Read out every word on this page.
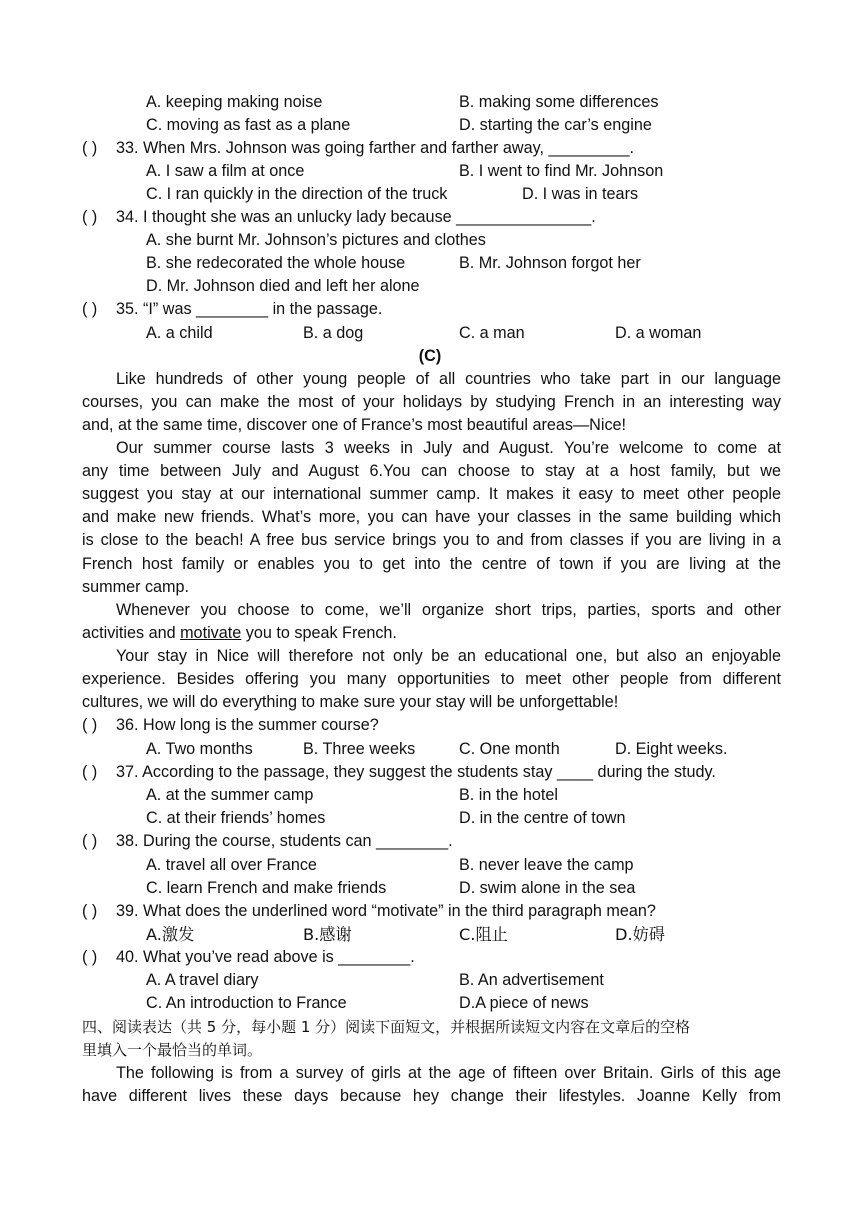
A. keeping making noise	B. making some differences
C. moving as fast as a plane	D. starting the car’s engine
( ) 33. When Mrs. Johnson was going farther and farther away, _________.
A. I saw a film at once	B. I went to find Mr. Johnson
C. I ran quickly in the direction of the truck	D. I was in tears
( ) 34. I thought she was an unlucky lady because _______________.
A. she burnt Mr. Johnson’s pictures and clothes
B. she redecorated the whole house	B. Mr. Johnson forgot her
D. Mr. Johnson died and left her alone
( ) 35. “I” was ________ in the passage.
A. a child	B. a dog	C. a man	D. a woman
(C)
Like hundreds of other young people of all countries who take part in our language
courses, you can make the most of your holidays by studying French in an interesting way
and, at the same time, discover one of France’s most beautiful areas—Nice!
Our summer course lasts 3 weeks in July and August. You’re welcome to come at
any time between July and August 6.You can choose to stay at a host family, but we
suggest you stay at our international summer camp. It makes it easy to meet other people
and make new friends. What’s more, you can have your classes in the same building which
is close to the beach! A free bus service brings you to and from classes if you are living in a
French host family or enables you to get into the centre of town if you are living at the
summer camp.
Whenever you choose to come, we’ll organize short trips, parties, sports and other
activities and motivate you to speak French.
Your stay in Nice will therefore not only be an educational one, but also an enjoyable
experience. Besides offering you many opportunities to meet other people from different
cultures, we will do everything to make sure your stay will be unforgettable!
( ) 36. How long is the summer course?
A. Two months	B. Three weeks	C. One month	D. Eight weeks.
( ) 37. According to the passage, they suggest the students stay ____ during the study.
A. at the summer camp	B. in the hotel
C. at their friends’ homes	D. in the centre of town
( ) 38. During the course, students can ________.
A. travel all over France	B. never leave the camp
C. learn French and make friends	D. swim alone in the sea
( ) 39. What does the underlined word “motivate” in the third paragraph mean?
A.激发	B.感谢	C.阻止	D.妨碍
( ) 40. What you’ve read above is ________.
A. A travel diary	B. An advertisement
C. An introduction to France	D.A piece of news
四、阅读表达（共 5 分，每小题 1 分）阅读下面短文，并根据所读短文内容在文章后的空格
里填入一个最恰当的单词。
The following is from a survey of girls at the age of fifteen over Britain. Girls of this age
have different lives these days because hey change their lifestyles. Joanne Kelly from
